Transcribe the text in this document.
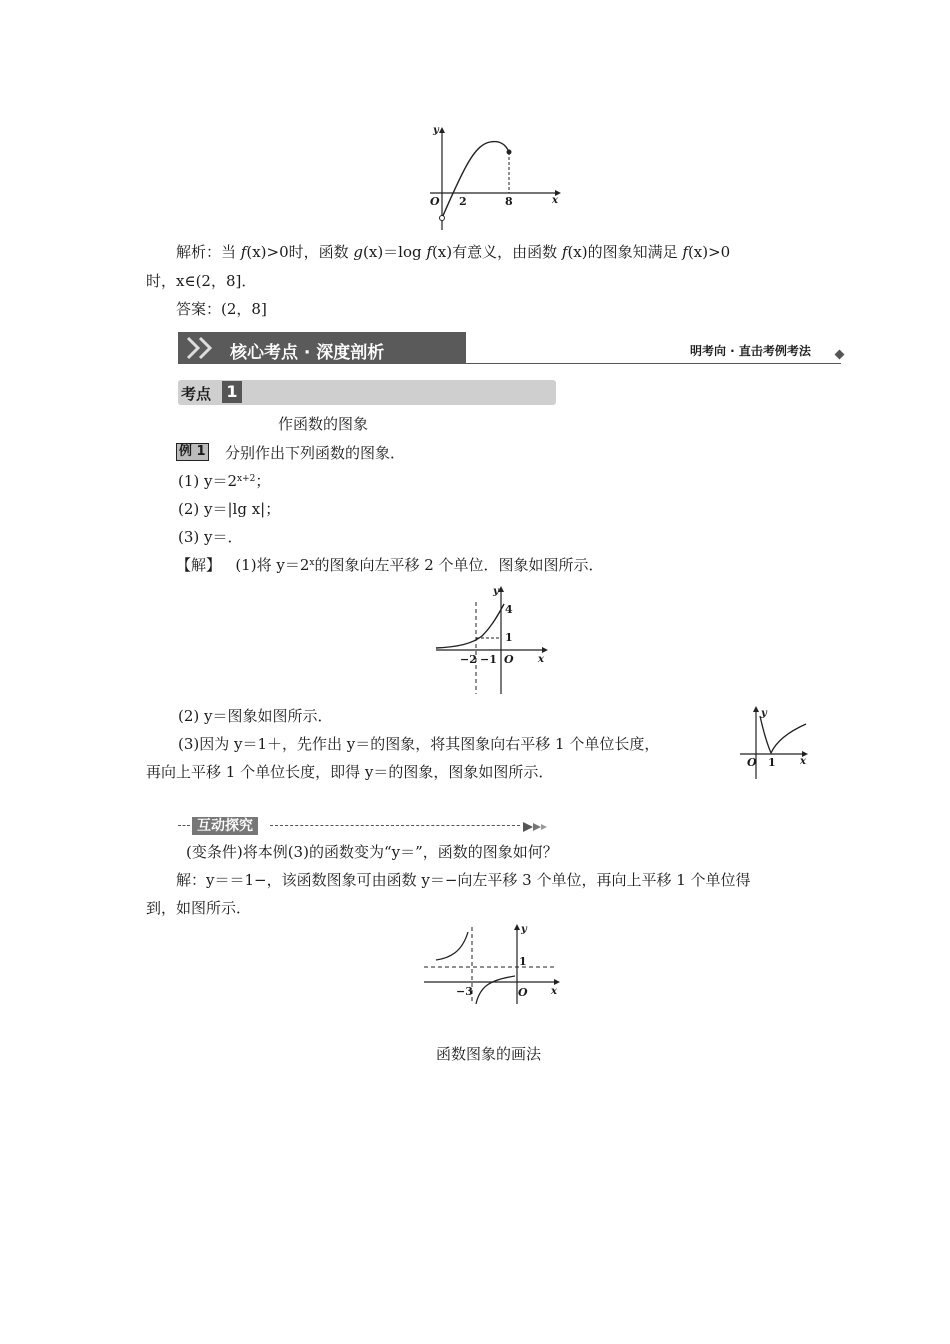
y
x
O 2	8
解析：当 f(x)>0时，函数 g(x)＝log f(x)有意义，由函数 f(x)的图象知满足 f(x)>0
时，x∈(2，8]．
答案：(2，8]
核心考点 · 深度剖析	明考向 · 直击考例考法
考点 1
作函数的图象
例 1 分别作出下列函数的图象．
(1) $y=2^{x+2}$；
(2) y＝|lg x|；
(3) y＝．
【解】 (1)将 $y=2^x$的图象向左平移 2 个单位．图象如图所示．
y
x
4
1
−2 −1 O
(2) y＝图象如图所示．
(3)因为 y＝1＋，先作出 y＝的图象，将其图象向右平移 1 个单位长度，
再向上平移 1 个单位长度，即得 y＝的图象，图象如图所示．
y
x
O 1
互动探究
(变条件)将本例(3)的函数变为“y＝”，函数的图象如何？
解：y＝＝1−，该函数图象可由函数 y＝−向左平移 3 个单位，再向上平移 1 个单位得
到，如图所示．
y
x
1
−3	O
函数图象的画法
